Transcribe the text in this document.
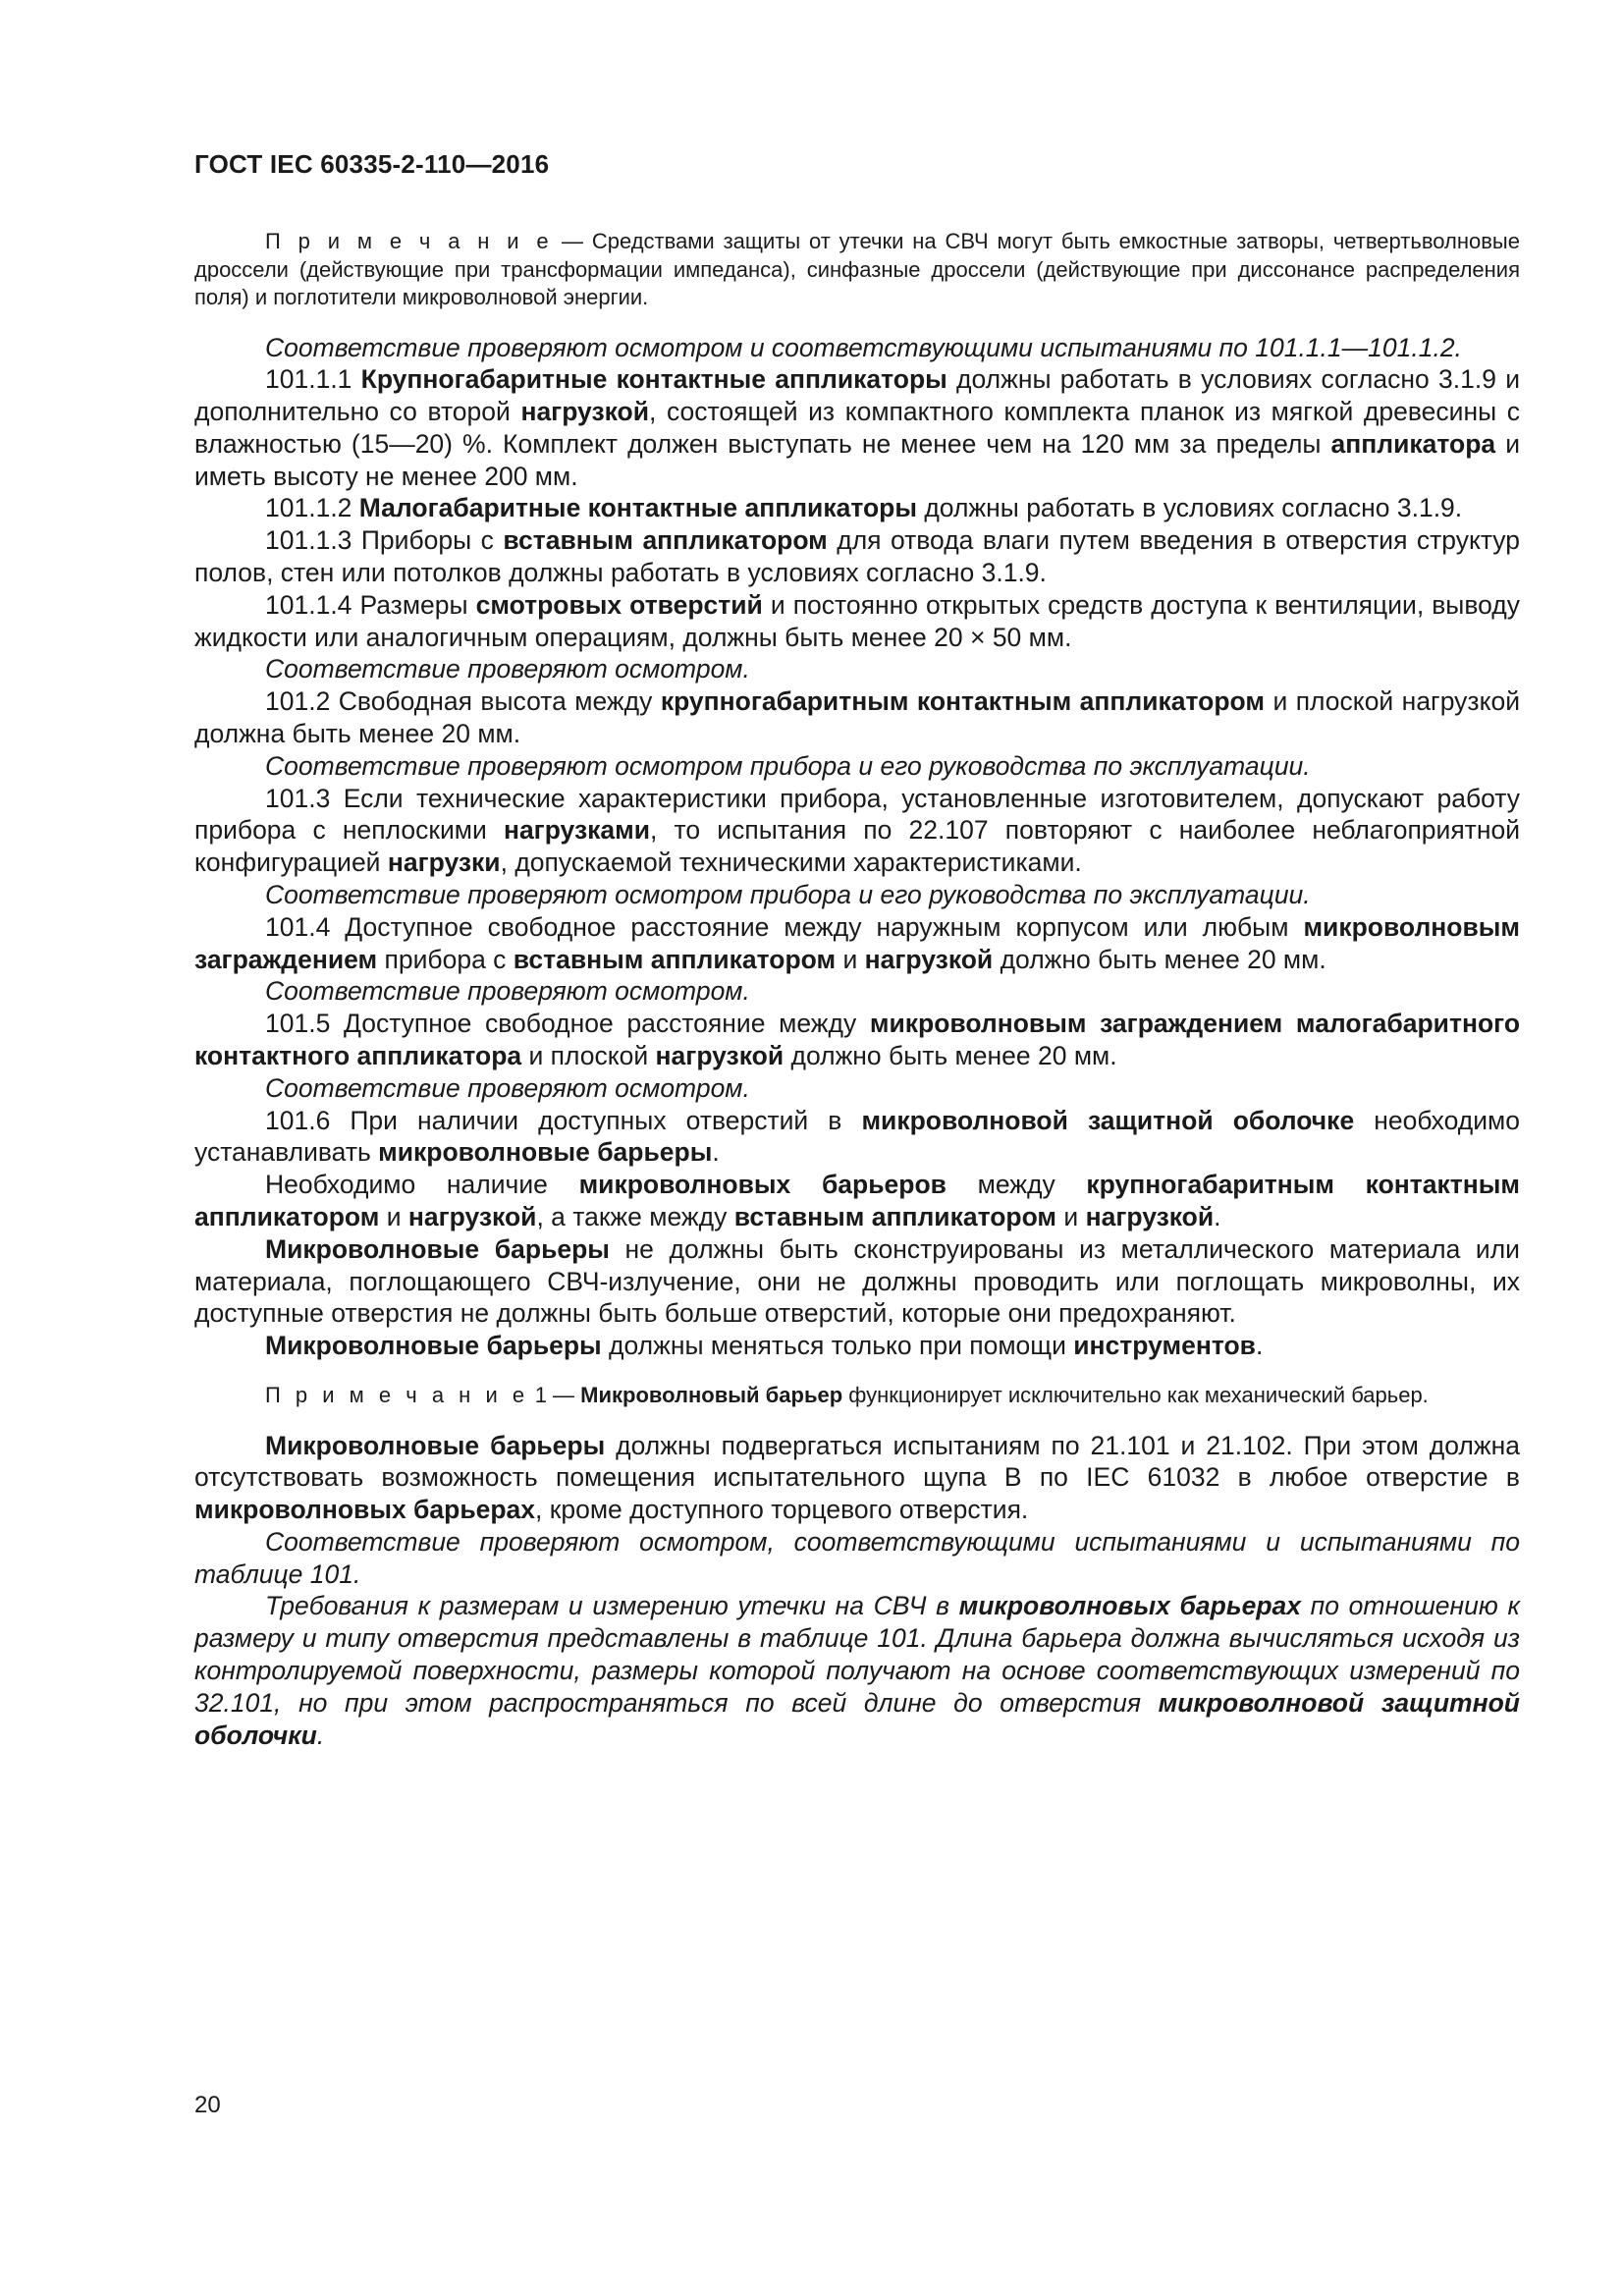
ГОСТ IEC 60335-2-110—2016

П р и м е ч а н и е — Средствами защиты от утечки на СВЧ могут быть емкостные затворы, четвертьволновые дроссели (действующие при трансформации импеданса), синфазные дроссели (действующие при диссонансе распределения поля) и поглотители микроволновой энергии.

Соответствие проверяют осмотром и соответствующими испытаниями по 101.1.1—101.1.2.

101.1.1 Крупногабаритные контактные аппликаторы должны работать в условиях согласно 3.1.9 и дополнительно со второй нагрузкой, состоящей из компактного комплекта планок из мягкой древесины с влажностью (15—20) %. Комплект должен выступать не менее чем на 120 мм за пределы аппликатора и иметь высоту не менее 200 мм.

101.1.2 Малогабаритные контактные аппликаторы должны работать в условиях согласно 3.1.9.

101.1.3 Приборы с вставным аппликатором для отвода влаги путем введения в отверстия структур полов, стен или потолков должны работать в условиях согласно 3.1.9.

101.1.4 Размеры смотровых отверстий и постоянно открытых средств доступа к вентиляции, выводу жидкости или аналогичным операциям, должны быть менее 20 × 50 мм.

Соответствие проверяют осмотром.

101.2 Свободная высота между крупногабаритным контактным аппликатором и плоской нагрузкой должна быть менее 20 мм.

Соответствие проверяют осмотром прибора и его руководства по эксплуатации.

101.3 Если технические характеристики прибора, установленные изготовителем, допускают работу прибора с неплоскими нагрузками, то испытания по 22.107 повторяют с наиболее неблагоприятной конфигурацией нагрузки, допускаемой техническими характеристиками.

Соответствие проверяют осмотром прибора и его руководства по эксплуатации.

101.4 Доступное свободное расстояние между наружным корпусом или любым микроволновым заграждением прибора с вставным аппликатором и нагрузкой должно быть менее 20 мм.

Соответствие проверяют осмотром.

101.5 Доступное свободное расстояние между микроволновым заграждением малогабаритного контактного аппликатора и плоской нагрузкой должно быть менее 20 мм.

Соответствие проверяют осмотром.

101.6 При наличии доступных отверстий в микроволновой защитной оболочке необходимо устанавливать микроволновые барьеры.

Необходимо наличие микроволновых барьеров между крупногабаритным контактным аппликатором и нагрузкой, а также между вставным аппликатором и нагрузкой.

Микроволновые барьеры не должны быть сконструированы из металлического материала или материала, поглощающего СВЧ-излучение, они не должны проводить или поглощать микроволны, их доступные отверстия не должны быть больше отверстий, которые они предохраняют.

Микроволновые барьеры должны меняться только при помощи инструментов.

П р и м е ч а н и е 1 — Микроволновый барьер функционирует исключительно как механический барьер.

Микроволновые барьеры должны подвергаться испытаниям по 21.101 и 21.102. При этом должна отсутствовать возможность помещения испытательного щупа В по IEC 61032 в любое отверстие в микроволновых барьерах, кроме доступного торцевого отверстия.

Соответствие проверяют осмотром, соответствующими испытаниями и испытаниями по таблице 101.

Требования к размерам и измерению утечки на СВЧ в микроволновых барьерах по отношению к размеру и типу отверстия представлены в таблице 101. Длина барьера должна вычисляться исходя из контролируемой поверхности, размеры которой получают на основе соответствующих измерений по 32.101, но при этом распространяться по всей длине до отверстия микроволновой защитной оболочки.

20
